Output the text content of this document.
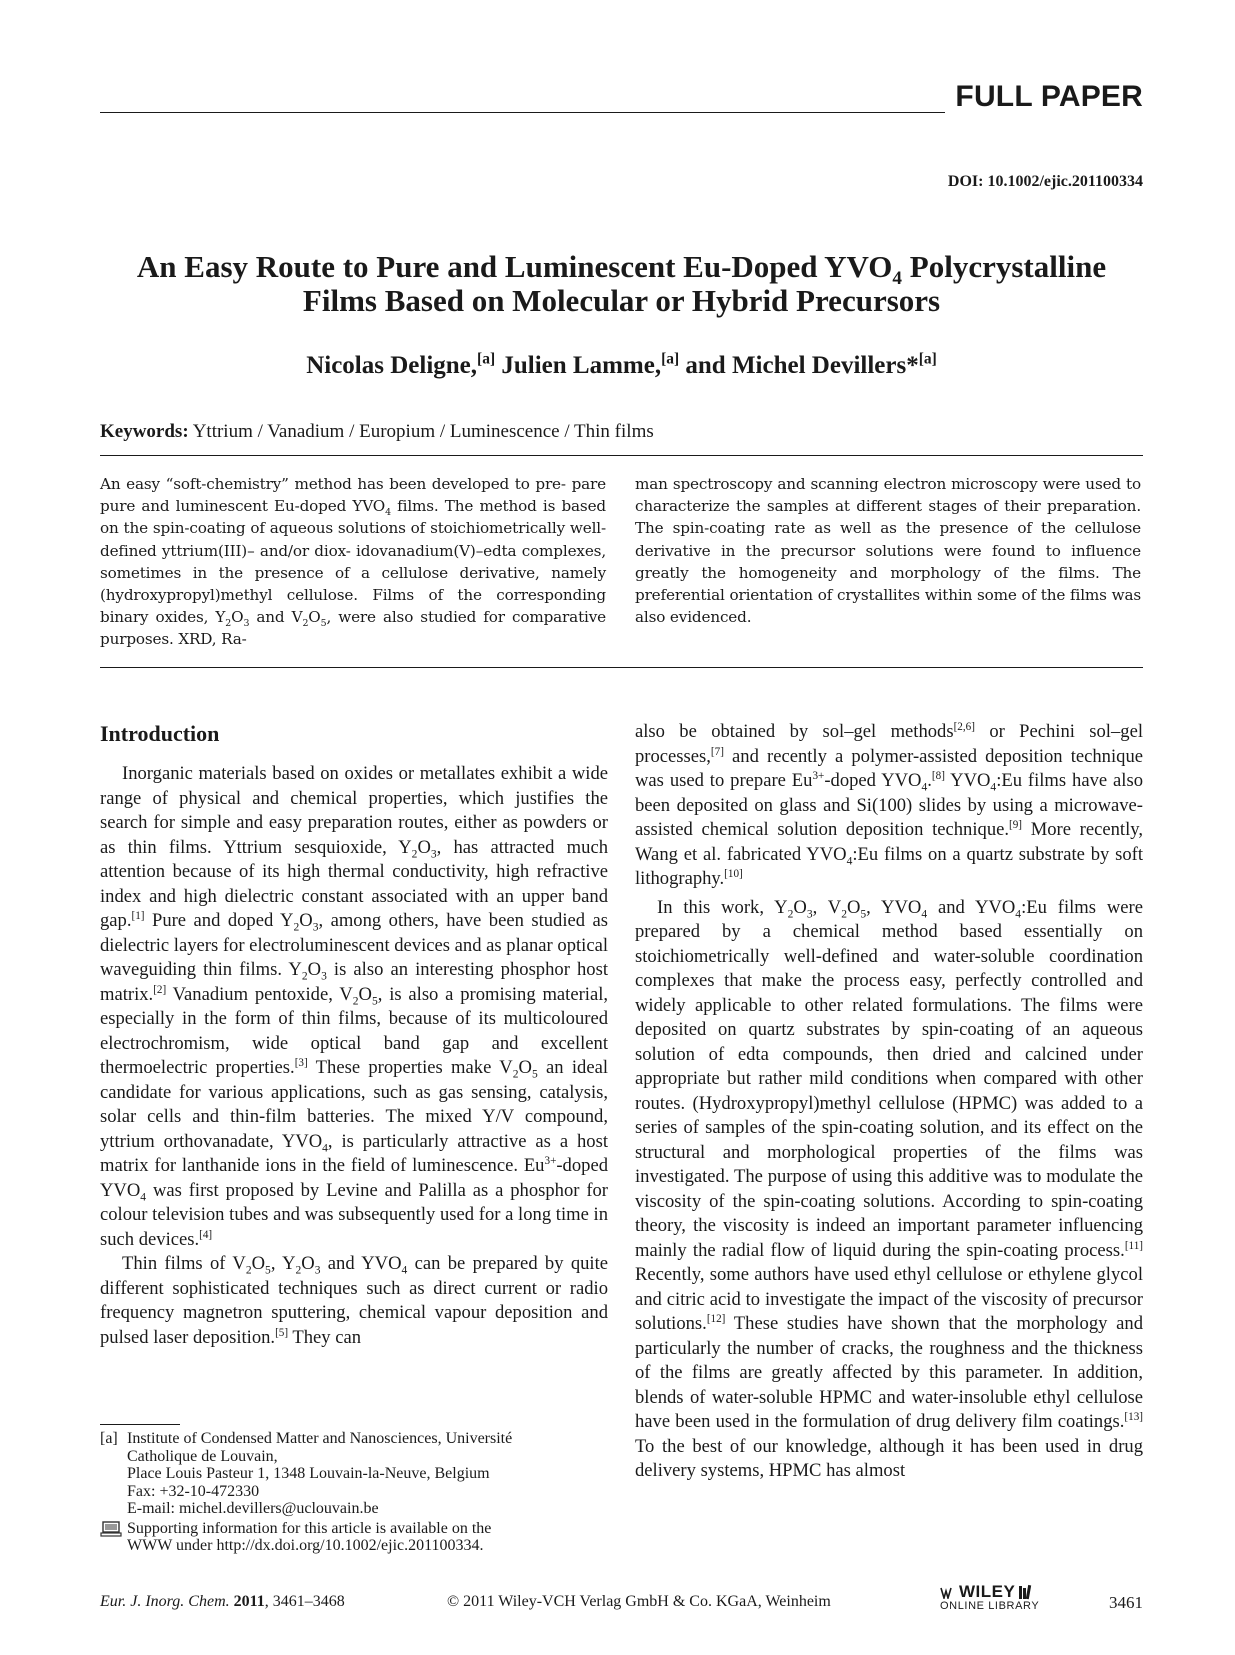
FULL PAPER
DOI: 10.1002/ejic.201100334
An Easy Route to Pure and Luminescent Eu-Doped $YVO_4$ Polycrystalline
Films Based on Molecular or Hybrid Precursors
Nicolas Deligne,[a] Julien Lamme,[a] and Michel Devillers*[a]
Keywords: Yttrium / Vanadium / Europium / Luminescence / Thin films
An easy “soft-chemistry” method has been developed to pre- pare pure and luminescent Eu-doped $YVO_4$ films. The method is based on the spin-coating of aqueous solutions of stoichiometrically well-defined yttrium(III)– and/or diox- idovanadium(V)–edta complexes, sometimes in the presence of a cellulose derivative, namely (hydroxypropyl)methyl cellulose. Films of the corresponding binary oxides, $Y_2O_3$ and $V_2O_5$, were also studied for comparative purposes. XRD, Ra-
man spectroscopy and scanning electron microscopy were used to characterize the samples at different stages of their preparation. The spin-coating rate as well as the presence of the cellulose derivative in the precursor solutions were found to influence greatly the homogeneity and morphology of the films. The preferential orientation of crystallites within some of the films was also evidenced.
Introduction

Inorganic materials based on oxides or metallates exhibit a wide range of physical and chemical properties, which justifies the search for simple and easy preparation routes, either as powders or as thin films. Yttrium sesquioxide, $Y_2O_3$, has attracted much attention because of its high thermal conductivity, high refractive index and high dielectric constant associated with an upper band gap.[1] Pure and doped $Y_2O_3$, among others, have been studied as dielectric layers for electroluminescent devices and as planar optical waveguiding thin films. $Y_2O_3$ is also an interesting phosphor host matrix.[2] Vanadium pentoxide, $V_2O_5$, is also a promising material, especially in the form of thin films, because of its multicoloured electrochromism, wide optical band gap and excellent thermoelectric properties.[3] These properties make $V_2O_5$ an ideal candidate for various applications, such as gas sensing, catalysis, solar cells and thin-film batteries. The mixed Y/V compound, yttrium orthovanadate, $YVO_4$, is particularly attractive as a host matrix for lanthanide ions in the field of luminescence. $Eu^{3+}$-doped $YVO_4$ was first proposed by Levine and Palilla as a phosphor for colour television tubes and was subsequently used for a long time in such devices.[4]

Thin films of $V_2O_5$, $Y_2O_3$ and $YVO_4$ can be prepared by quite different sophisticated techniques such as direct current or radio frequency magnetron sputtering, chemical vapour deposition and pulsed laser deposition.[5] They can

also be obtained by sol–gel methods[2,6] or Pechini sol–gel processes,[7] and recently a polymer-assisted deposition technique was used to prepare $Eu^{3+}$-doped $YVO_4.[8]$ $YVO_4:Eu$ films have also been deposited on glass and Si(100) slides by using a microwave-assisted chemical solution deposition technique.[9] More recently, Wang et al. fabricated $YVO_4:Eu$ films on a quartz substrate by soft lithography.[10]

In this work, $Y_2O_3$, $V_2O_5$, $YVO_4$ and $YVO_4:Eu$ films were prepared by a chemical method based essentially on stoichiometrically well-defined and water-soluble coordination complexes that make the process easy, perfectly controlled and widely applicable to other related formulations. The films were deposited on quartz substrates by spin-coating of an aqueous solution of edta compounds, then dried and calcined under appropriate but rather mild conditions when compared with other routes. (Hydroxypropyl)methyl cellulose (HPMC) was added to a series of samples of the spin-coating solution, and its effect on the structural and morphological properties of the films was investigated. The purpose of using this additive was to modulate the viscosity of the spin-coating solutions. According to spin-coating theory, the viscosity is indeed an important parameter influencing mainly the radial flow of liquid during the spin-coating process.[11] Recently, some authors have used ethyl cellulose or ethylene glycol and citric acid to investigate the impact of the viscosity of precursor solutions.[12] These studies have shown that the morphology and particularly the number of cracks, the roughness and the thickness of the films are greatly affected by this parameter. In addition, blends of water-soluble HPMC and water-insoluble ethyl cellulose have been used in the formulation of drug delivery film coatings.[13] To the best of our knowledge, although it has been used in drug delivery systems, HPMC has almost

[a] Institute of Condensed Matter and Nanosciences, Université
Catholique de Louvain,
Place Louis Pasteur 1, 1348 Louvain-la-Neuve, Belgium
Fax: +32-10-472330
E-mail: michel.devillers@uclouvain.be
Supporting information for this article is available on the
WWW under http://dx.doi.org/10.1002/ejic.201100334.
Eur. J. Inorg. Chem. 2011, 3461–3468	© 2011 Wiley-VCH Verlag GmbH & Co. KGaA, Weinheim
WILEY
ONLINE LIBRARY	3461
